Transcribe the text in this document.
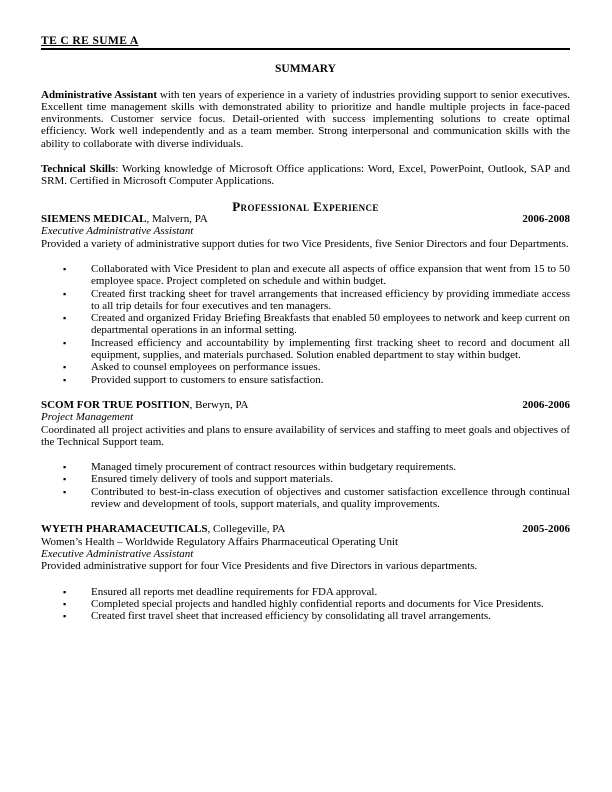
TE C RE SUME A
SUMMARY

Administrative Assistant with ten years of experience in a variety of industries providing support to senior executives. Excellent time management skills with demonstrated ability to prioritize and handle multiple projects in face-paced environments. Customer service focus. Detail-oriented with success implementing solutions to create optimal efficiency. Work well independently and as a team member. Strong interpersonal and communication skills with the ability to collaborate with diverse individuals.

Technical Skills: Working knowledge of Microsoft Office applications: Word, Excel, PowerPoint, Outlook, SAP and SRM. Certified in Microsoft Computer Applications.

Professional Experience
SIEMENS MEDICAL, Malvern, PA	2006-2008
Executive Administrative Assistant
Provided a variety of administrative support duties for two Vice Presidents, five Senior Directors and four Departments.
▪ Collaborated with Vice President to plan and execute all aspects of office expansion that went from 15 to 50 employee space. Project completed on schedule and within budget.
▪ Created first tracking sheet for travel arrangements that increased efficiency by providing immediate access to all trip details for four executives and ten managers.
▪ Created and organized Friday Briefing Breakfasts that enabled 50 employees to network and keep current on departmental operations in an informal setting.
▪ Increased efficiency and accountability by implementing first tracking sheet to record and document all equipment, supplies, and materials purchased. Solution enabled department to stay within budget.
▪ Asked to counsel employees on performance issues.
▪ Provided support to customers to ensure satisfaction.
SCOM FOR TRUE POSITION, Berwyn, PA	2006-2006
Project Management
Coordinated all project activities and plans to ensure availability of services and staffing to meet goals and objectives of the Technical Support team.
▪ Managed timely procurement of contract resources within budgetary requirements.
▪ Ensured timely delivery of tools and support materials.
▪ Contributed to best-in-class execution of objectives and customer satisfaction excellence through continual review and development of tools, support materials, and quality improvements.
WYETH PHARAMACEUTICALS, Collegeville, PA	2005-2006
Women’s Health – Worldwide Regulatory Affairs Pharmaceutical Operating Unit
Executive Administrative Assistant
Provided administrative support for four Vice Presidents and five Directors in various departments.
▪ Ensured all reports met deadline requirements for FDA approval.
▪ Completed special projects and handled highly confidential reports and documents for Vice Presidents.
▪ Created first travel sheet that increased efficiency by consolidating all travel arrangements.
